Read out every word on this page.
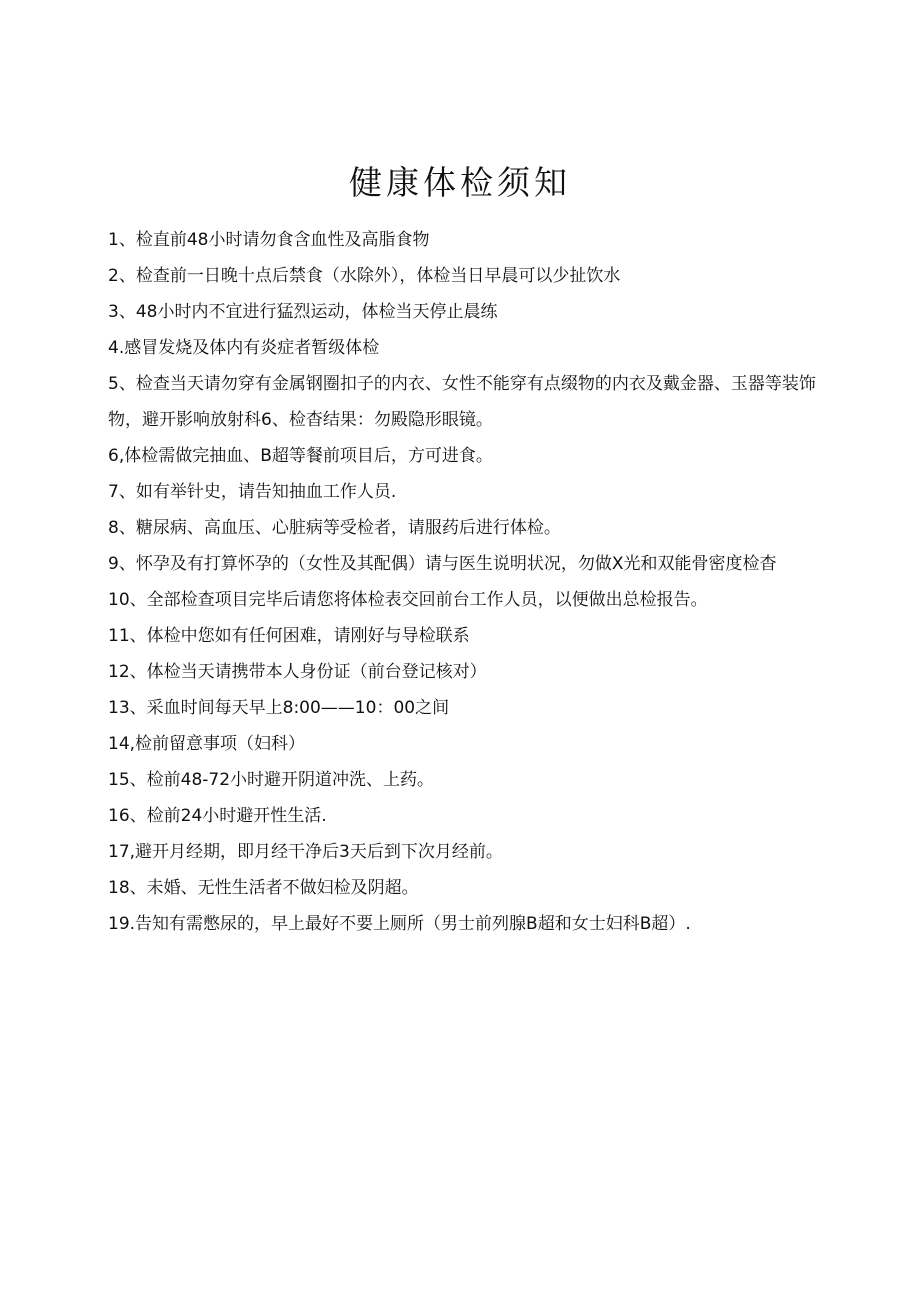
健康体检须知
1、检直前48小时请勿食含血性及高脂食物
2、检查前一日晚十点后禁食（水除外），体检当日早晨可以少扯饮水
3、48小时内不宜进行猛烈运动，体检当天停止晨练
4.感冒发烧及体内有炎症者暂级体检
5、检查当天请勿穿有金属钢圈扣子的内衣、女性不能穿有点缀物的内衣及戴金器、玉器等装饰物，避开影响放射科6、检杳结果：勿殿隐形眼镜。
6,体检需做完抽血、B超等餐前项目后，方可进食。
7、如有举针史，请告知抽血工作人员.
8、糖尿病、高血压、心脏病等受检者，请服药后进行体检。
9、怀孕及有打算怀孕的（女性及其配偶）请与医生说明状况，勿做X光和双能骨密度检杳
10、全部检查项目完毕后请您将体检表交回前台工作人员，以便做出总检报告。
11、体检中您如有任何困难，请刚好与导检联系
12、体检当天请携带本人身份证（前台登记核对）
13、采血时间每天早上8:00——10：00之间
14,检前留意事项（妇科）
15、检前48-72小时避开阴道冲洗、上药。
16、检前24小时避开性生活.
17,避开月经期，即月经干净后3天后到下次月经前。
18、未婚、无性生活者不做妇检及阴超。
19.告知有需憋尿的，早上最好不要上厕所（男士前列腺B超和女士妇科B超）.
